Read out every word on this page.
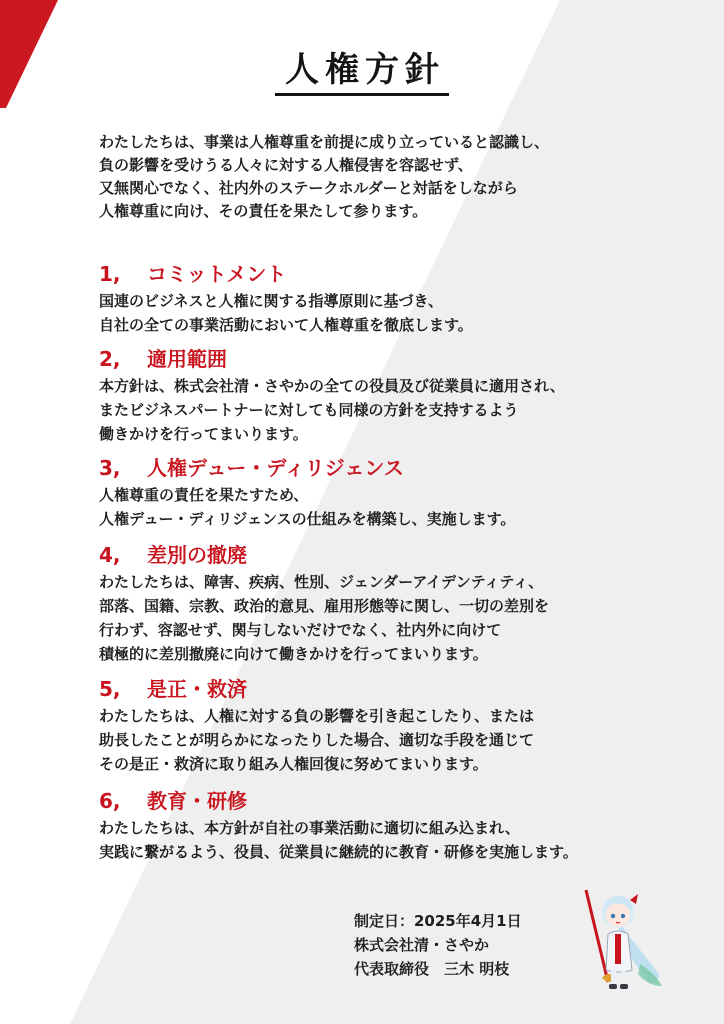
人権方針
わたしたちは、事業は人権尊重を前提に成り立っていると認識し、
負の影響を受けうる人々に対する人権侵害を容認せず、
又無関心でなく、社内外のステークホルダーと対話をしながら
人権尊重に向け、その責任を果たして参ります。
1,	コミットメント
国連のビジネスと人権に関する指導原則に基づき、
自社の全ての事業活動において人権尊重を徹底します。
2,	適用範囲
本方針は、株式会社清・さやかの全ての役員及び従業員に適用され、
またビジネスパートナーに対しても同様の方針を支持するよう
働きかけを行ってまいります。
3,	人権デュー・ディリジェンス
人権尊重の責任を果たすため、
人権デュー・ディリジェンスの仕組みを構築し、実施します。
4,	差別の撤廃
わたしたちは、障害、疾病、性別、ジェンダーアイデンティティ、
部落、国籍、宗教、政治的意見、雇用形態等に関し、一切の差別を
行わず、容認せず、関与しないだけでなく、社内外に向けて
積極的に差別撤廃に向けて働きかけを行ってまいります。
5,	是正・救済
わたしたちは、人権に対する負の影響を引き起こしたり、または
助長したことが明らかになったりした場合、適切な手段を通じて
その是正・救済に取り組み人権回復に努めてまいります。
6,	教育・研修
わたしたちは、本方針が自社の事業活動に適切に組み込まれ、
実践に繋がるよう、役員、従業員に継続的に教育・研修を実施します。
制定日：2025年4月1日
株式会社清・さやか
代表取締役　三木 明枝
